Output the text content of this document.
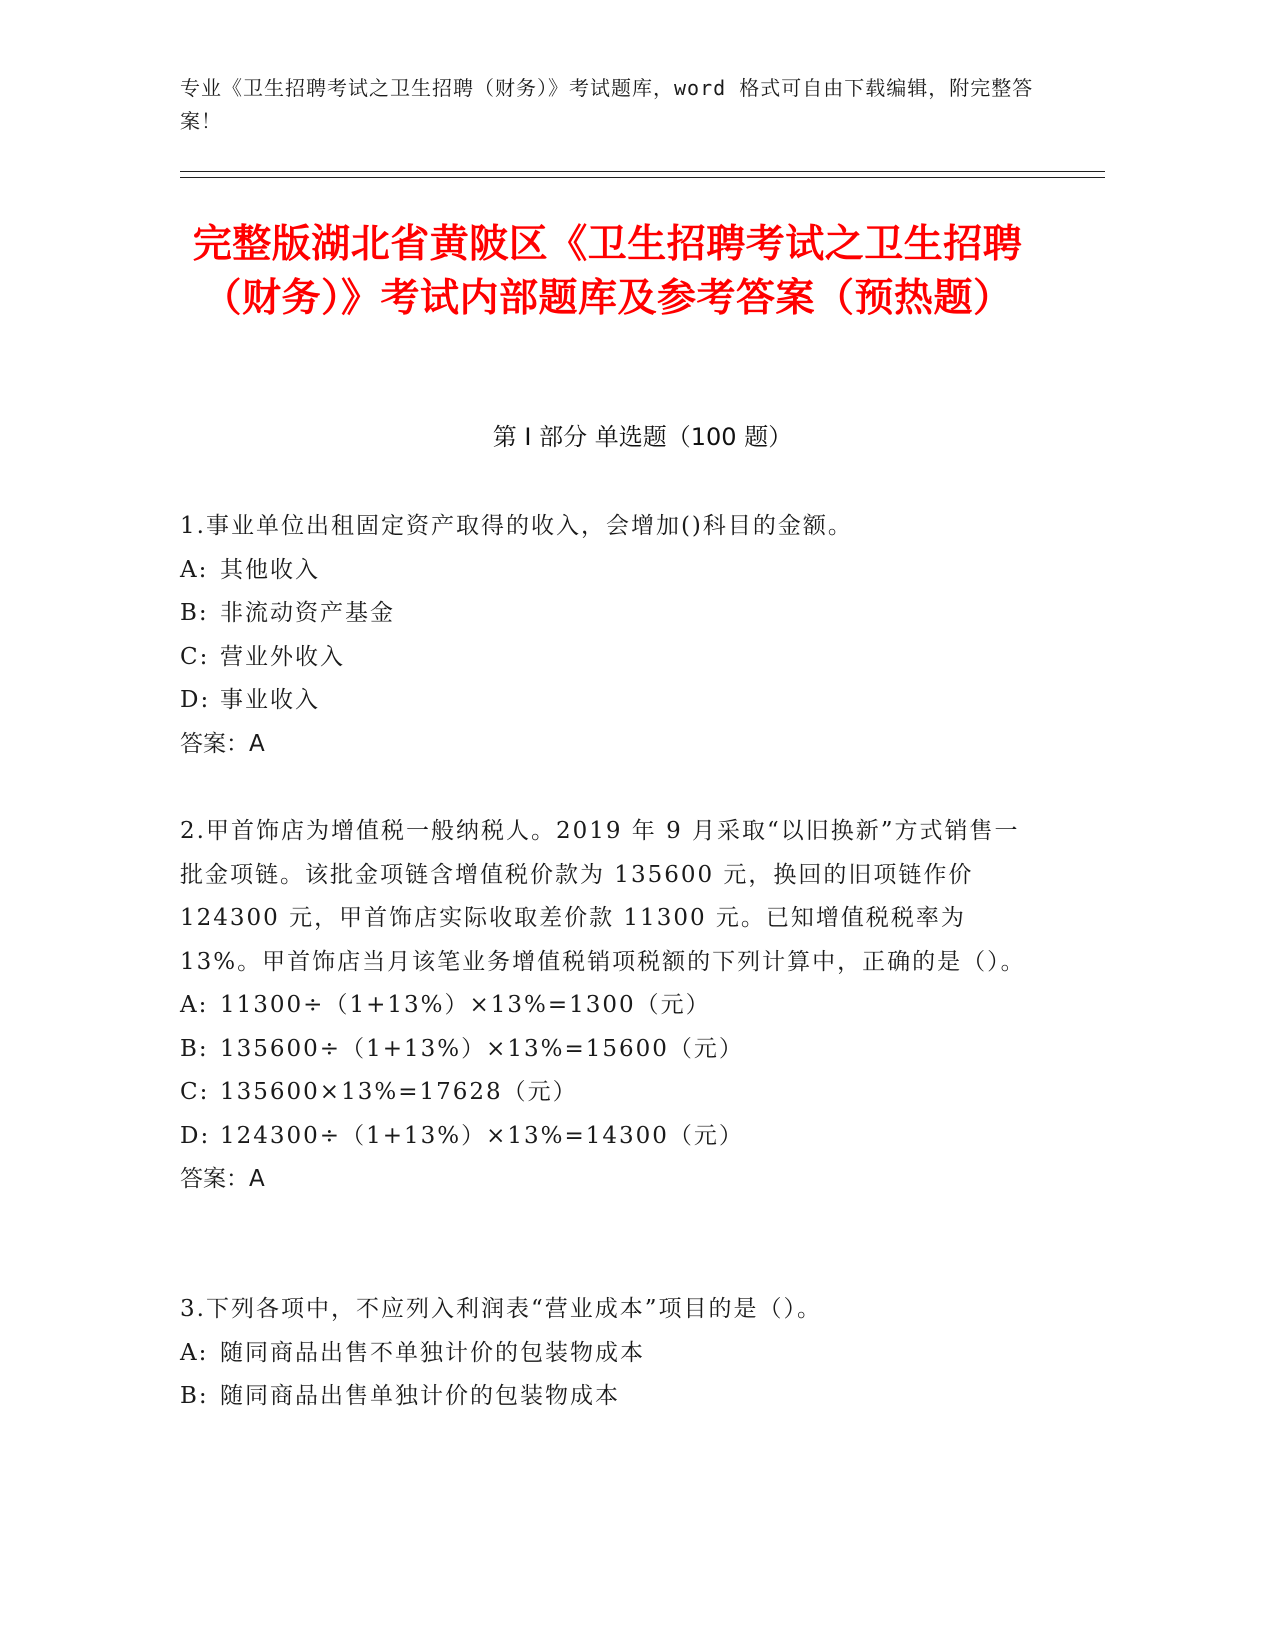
专业《卫生招聘考试之卫生招聘（财务）》考试题库，word 格式可自由下载编辑，附完整答案！
完整版湖北省黄陂区《卫生招聘考试之卫生招聘（财务）》考试内部题库及参考答案（预热题）
第 I 部分 单选题（100 题）

1.事业单位出租固定资产取得的收入，会增加()科目的金额。

A: 其他收入

B: 非流动资产基金

C: 营业外收入

D: 事业收入

答案：A

2.甲首饰店为增值税一般纳税人。2019 年 9 月采取“以旧换新”方式销售一批金项链。该批金项链含增值税价款为 135600 元，换回的旧项链作价 124300 元，甲首饰店实际收取差价款 11300 元。已知增值税税率为 13%。甲首饰店当月该笔业务增值税销项税额的下列计算中，正确的是（）。

A: 11300÷（1+13%）×13%=1300（元）

B: 135600÷（1+13%）×13%=15600（元）

C: 135600×13%=17628（元）

D: 124300÷（1+13%）×13%=14300（元）

答案：A

3.下列各项中，不应列入利润表“营业成本”项目的是（）。

A: 随同商品出售不单独计价的包装物成本

B: 随同商品出售单独计价的包装物成本
